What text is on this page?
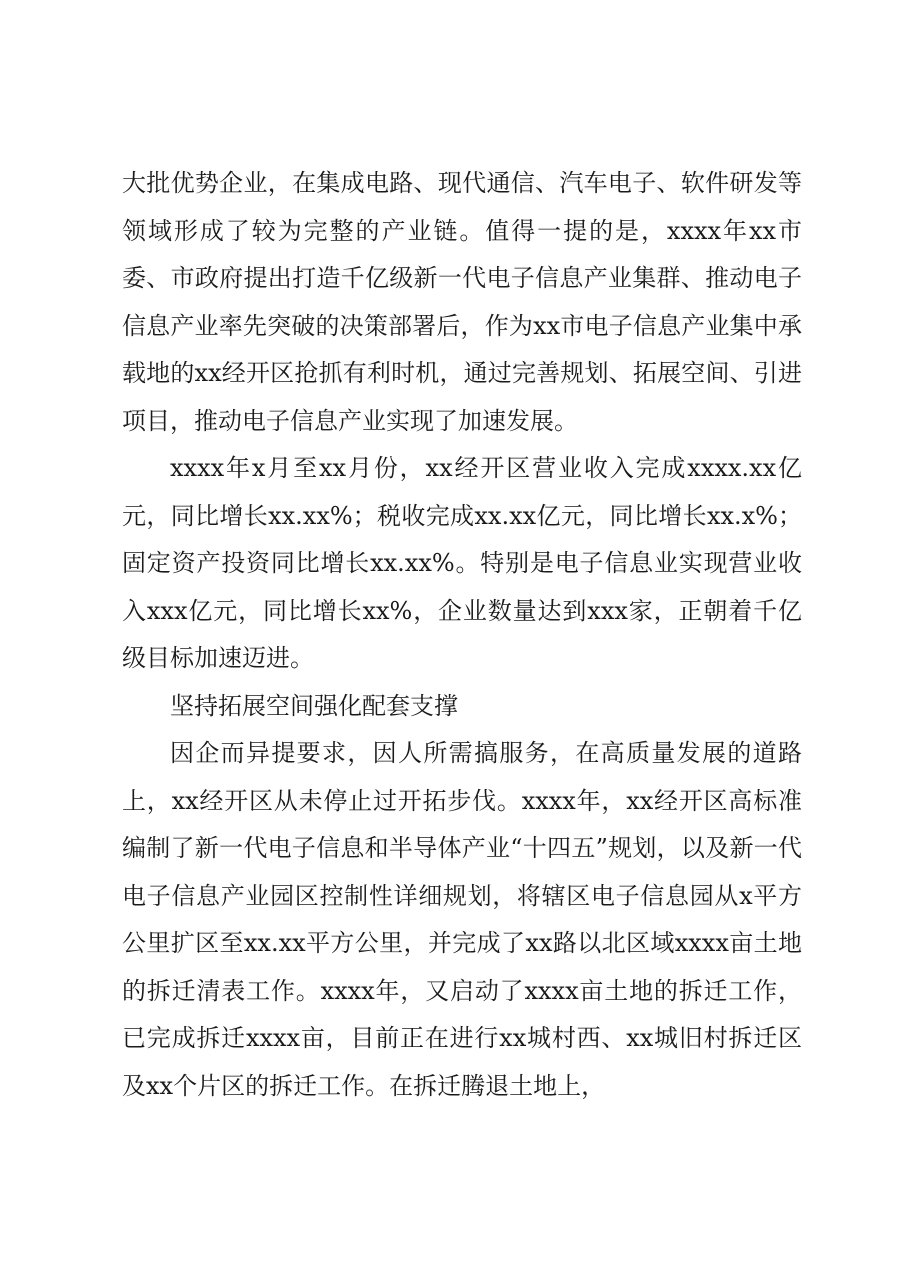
大批优势企业，在集成电路、现代通信、汽车电子、软件研发等领域形成了较为完整的产业链。值得一提的是，xxxx年xx市委、市政府提出打造千亿级新一代电子信息产业集群、推动电子信息产业率先突破的决策部署后，作为xx市电子信息产业集中承载地的xx经开区抢抓有利时机，通过完善规划、拓展空间、引进项目，推动电子信息产业实现了加速发展。

xxxx年x月至xx月份，xx经开区营业收入完成xxxx.xx亿元，同比增长xx.xx%；税收完成xx.xx亿元，同比增长xx.x%；固定资产投资同比增长xx.xx%。特别是电子信息业实现营业收入xxx亿元，同比增长xx%，企业数量达到xxx家，正朝着千亿级目标加速迈进。

坚持拓展空间强化配套支撑

因企而异提要求，因人所需搞服务，在高质量发展的道路上，xx经开区从未停止过开拓步伐。xxxx年，xx经开区高标准编制了新一代电子信息和半导体产业“十四五”规划，以及新一代电子信息产业园区控制性详细规划，将辖区电子信息园从x平方公里扩区至xx.xx平方公里，并完成了xx路以北区域xxxx亩土地的拆迁清表工作。xxxx年，又启动了xxxx亩土地的拆迁工作，已完成拆迁xxxx亩，目前正在进行xx城村西、xx城旧村拆迁区及xx个片区的拆迁工作。在拆迁腾退土地上，
